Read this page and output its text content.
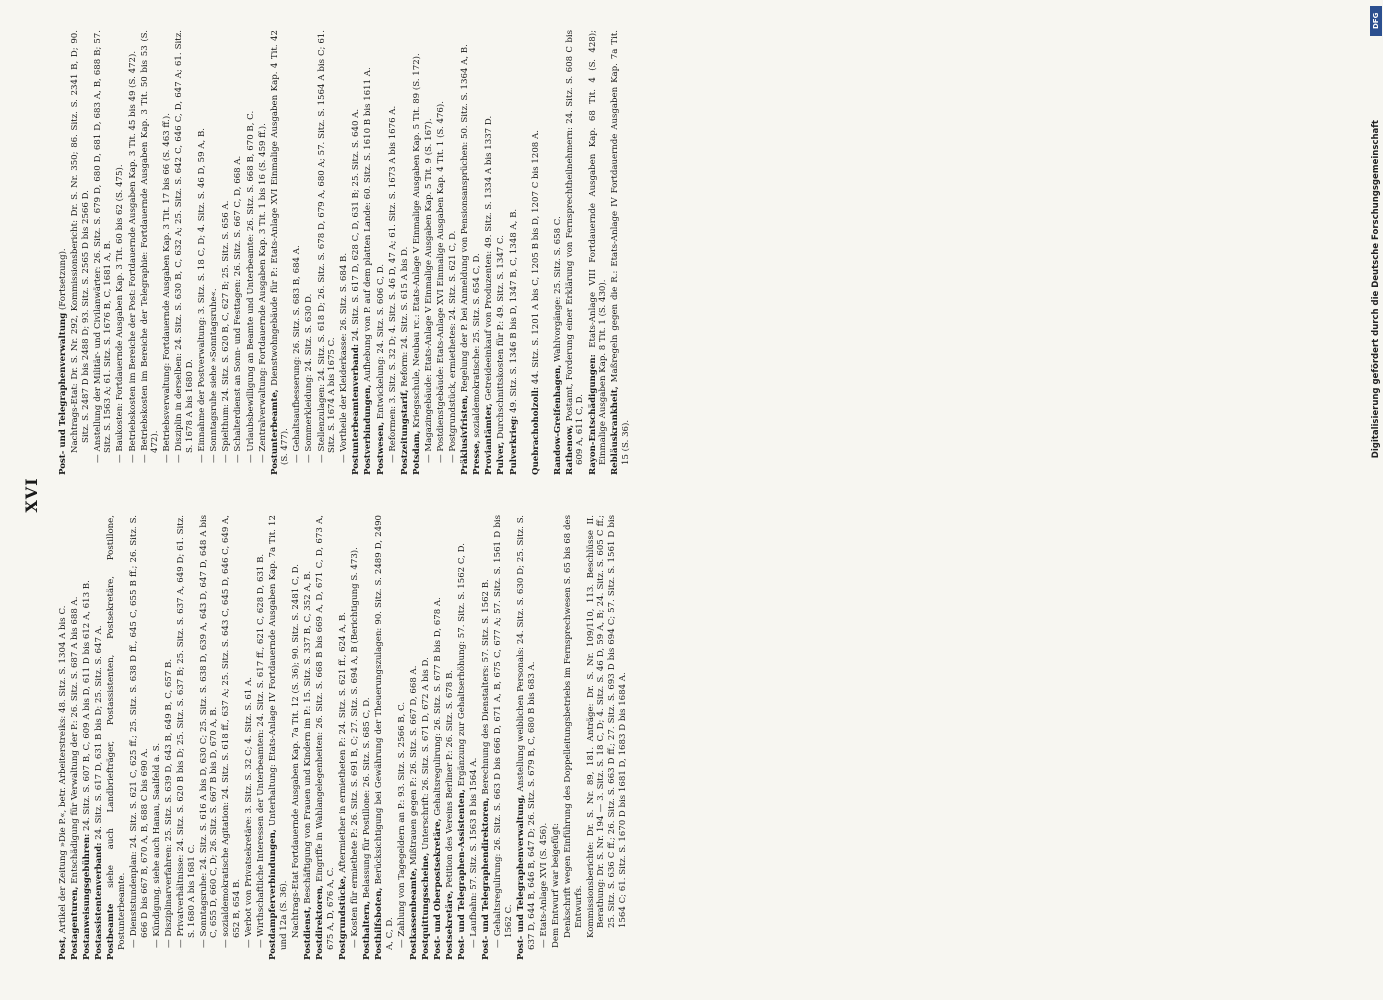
XVI
Post, Artikel der Zeitung »Die P.«, betr. Arbeiterstreiks: 48. Sitz. S. 1304 A bis C. Postagenturen, Entschädigung für Verwaltung der P.: 26. Sitz. S. 687 A bis 688 A.
Postanweisungsgebühren: 24. Sitz. S. 607 B, C, 609 A bis D, 611 D bis 612 A, 613 B.
Postassistentenverband: 24. Sitz. S. 617 D, 631 B bis D; 25. Sitz. S. 647 A.
Postbeamte siehe auch Landbriefträger, Postassistenten, Postsekretäre, Postillone, Postunterbeamte. — Dienststundenplan: 24. Sitz. S. 621 C, 625 ff.; 25. Sitz. S. 638 D ff., 645 C, 655 B ff.; 26. Sitz. S. 666 D bis 667 B, 670 A, B, 688 C bis 690 A. — Kündigung, siehe auch Hanau, Saalfeld a. S. — Disziplinarverfahren: 25. Sitz. S. 639 D, 643 B, 649 B, C, 657 B. — Privatverhältnisse: 24. Sitz. S. 620 B bis D; 25. Sitz. S. 637 B; 25. Sitz. S. 637 A, 649 D; 61. Sitz. S. 1680 A bis 1681 C. — Sonntagsruhe: 24. Sitz. S. 616 A bis D, 630 C; 25. Sitz. S. 638 D, 639 A, 643 D, 647 D, 648 A bis C, 655 D, 660 C, D; 26. Sitz. S. 667 B bis D, 670 A, B. — sozialdemokratische Agitation: 24. Sitz. S. 618 ff., 637 A; 25. Sitz. S. 643 C, 645 D, 646 C, 649 A, 652 B, 654 B. — Verbot von Privatsekretäre: 3. Sitz. S. 32 C; 4. Sitz. S. 61 A. — Wirthschaftliche Interessen der Unterbeamten: 24. Sitz. S. 617 ff., 621 C, 628 D, 631 B. Postdampferverbindungen, Unterhaltung: Etats-Anlage IV Fortdauernde Ausgaben Kap. 7a Tit. 12 und 12a (S. 36). Nachtrags-Etat Fortdauernde Ausgaben Kap. 7a Tit. 12 (S. 36); 90. Sitz. S. 2481 C, D. Postdienst, Beschäftigung von Frauen und Kindern im P.: 15. Sitz. S. 337 B, C, 352 A, B.
Postdirektoren, Eingriffe in Wahlangelegenheiten: 26. Sitz. S. 668 B bis 669 A, D, 671 C, D, 673 A, 675 A, D, 676 A, C. Postgrundstücke, Aftermiether in ermietheten P.: 24. Sitz. S. 621 ff., 624 A, B. — Kosten für ermiethete P.: 26. Sitz. S. 691 B, C; 27. Sitz. S. 694 A, B (Berichtigung S. 473). Posthaltern, Belassung für Postillone: 26. Sitz. S. 685 C, D.
Posthilfsboten, Berücksichtigung bei Gewährung der Theuerungszulagen: 90. Sitz. S. 2489 D, 2490 A, C, D. — Zahlung von Tagegeldern an P.: 93. Sitz. S. 2566 B, C. Postkassenbeamte, Mißtrauen gegen P.: 26. Sitz. S. 667 D, 668 A.
Postquittungsscheine, Unterschrift: 26. Sitz. S. 671 D, 672 A bis D.
Post- und Oberpostsekretäre, Gehaltsregulirung: 26. Sitz. S. 677 B bis D, 678 A.
Postsekretäre, Petition des Vereins Berliner P.: 26. Sitz. S. 678 B. Post- und Telegraphen-Assistenten, Ergänzung zur Gehaltserhöhung: 57. Sitz. S. 1562 C, D.
— Laufbahn: 57. Sitz. S. 1563 B bis 1564 A. Post- und Telegraphendirektoren, Berechnung des Dienstalters: 57. Sitz. S. 1562 B. — Gehaltsregulirung: 26. Sitz. S. 663 D bis 666 D, 671 A, B, 675 C, 677 A; 57. Sitz. S. 1561 D bis 1562 C. Post- und Telegraphenverwaltung, Anstellung weiblichen Personals: 24. Sitz. S. 630 D; 25. Sitz. S. 637 D, 644 B, 646 B, 647 D; 26. Sitz. S. 679 B, C, 680 B bis 683 A. — Etats-Anlage XVI (S. 456). Dem Entwurf war beigefügt: Denkschrift wegen Einführung des Doppelleitungsbetriebs im Fernsprechwesen S. 65 bis 68 des Entwurfs. Kommissionsberichte: Dr. S. Nr. 89, 181. Anträge: Dr. S. Nr. 109/110, 113. Beschlüsse II. Berathung: Dr. S. Nr. 194 — 3. Sitz. S. 18 C, D; 4. Sitz. S. 46 D, 59 A, B; 24. Sitz. S. 605 C ff.; 25. Sitz. S. 636 C ff.; 26. Sitz. S. 663 D ff.; 27. Sitz. S. 693 D bis 694 C; 57. Sitz. S. 1561 D bis 1564 C; 61. Sitz. S. 1670 D bis 1681 D, 1683 D bis 1684 A.
Post- und Telegraphenverwaltung (Fortsetzung). Nachtrags-Etat: Dr. S. Nr. 292, Kommissionsbericht: Dr. S. Nr. 350; 86. Sitz. S. 2341 B, D; 90. Sitz. S. 2487 D bis 2488 D; 93. Sitz. S. 2565 D bis 2566 D. — Anstellung der Militär- und Civilanwärter: 26. Sitz. S. 679 D, 680 D, 681 D, 683 A, B, 688 B; 57. Sitz. S. 1563 A; 61. Sitz. S. 1676 B, C, 1681 A, B. — Baukosten: Fortdauernde Ausgaben Kap. 3 Tit. 60 bis 62 (S. 475). — Betriebskosten im Bereiche der Post: Fortdauernde Ausgaben Kap. 3 Tit. 45 bis 49 (S. 472). — Betriebskosten im Bereiche der Telegraphie: Fortdauernde Ausgaben Kap. 3 Tit. 50 bis 53 (S. 472). — Betriebsverwaltung: Fortdauernde Ausgaben Kap. 3 Tit. 17 bis 66 (S. 463 ff.). — Disziplin in derselben: 24. Sitz. S. 630 B, C, 632 A; 25. Sitz. S. 642 C, 646 C, D, 647 A; 61. Sitz. S. 1678 A bis 1680 D. — Einnahme der Postverwaltung: 3. Sitz. S. 18 C, D; 4. Sitz. S. 46 D, 59 A, B. — Sonntagsruhe siehe »Sonntagsruhe«. — Spielthum: 24. Sitz. S. 620 B, C, 627 B; 25. Sitz. S. 656 A. — Schalterdienst an Sonn- und Festtagen: 26. Sitz. S. 667 C, D, 668 A. — Urlaubsbewilligung an Beamte und Unterbeamte: 26. Sitz. S. 668 B, 670 B, C. — Zentralverwaltung: Fortdauernde Ausgaben Kap. 3 Tit. 1 bis 16 (S. 459 ff.). Postunterbeamte, Dienstwohngebäude für P.: Etats-Anlage XVI Einmalige Ausgaben Kap. 4 Tit. 42 (S. 477). — Gehaltsaufbesserung: 26. Sitz. S. 683 B, 684 A. — Sommerkleidung: 24. Sitz. S. 630 D. — Stellenzulagen: 24. Sitz. S. 618 D; 26. Sitz. S. 678 D, 679 A, 680 A; 57. Sitz. S. 1564 A bis C; 61. Sitz. S. 1674 A bis 1675 C. — Vortheile der Kleiderkasse: 26. Sitz. S. 684 B. Postunterbeamtenverband: 24. Sitz. S. 617 D, 628 C, D, 631 B; 25. Sitz. S. 640 A.
Postverbindungen, Aufhebung von P. auf dem platten Lande: 60. Sitz. S. 1610 B bis 1611 A.
Postwesen, Entwickelung: 24. Sitz. S. 606 C, D. — Reformen: 3. Sitz. S. 32 D; 4. Sitz. S. 46 D, 47 A; 61. Sitz. S. 1673 A bis 1676 A. Postzeitungstarif, Reform: 24. Sitz. S. 615 A bis D.
Potsdam, Kriegsschule, Neubau rc.: Etats-Anlage V Einmalige Ausgaben Kap. 5 Tit. 89 (S. 172). — Magazingebäude: Etats-Anlage V Einmalige Ausgaben Kap. 5 Tit. 9 (S. 167). — Postdienstgebäude: Etats-Anlage XVI Einmalige Ausgaben Kap. 4 Tit. 1 (S. 476). — Postgrundstück, ermiethetes: 24. Sitz. S. 621 C, D. Präklusivfristen, Regelung der P. bei Anmeldung von Pensionsansprüchen: 50. Sitz. S. 1364 A, B.
Presse, sozialdemokratische: 25. Sitz. S. 654 C, D.
Proviantämter, Getreideeinkauf von Produzenten: 49. Sitz. S. 1334 A bis 1337 D.
Pulver, Durchschnittskosten für P.: 49. Sitz. S. 1347 C.
Pulverkrieg: 49. Sitz. S. 1346 B bis D, 1347 B, C, 1348 A, B.
Quebrachoholzoll: 44. Sitz. S. 1201 A bis C, 1205 B bis D, 1207 C bis 1208 A.
Randow-Greifenhagen, Wahlvorgänge: 25. Sitz. S. 658 C.
Rathenow, Postamt, Forderung einer Erklärung von Fernsprechtheilnehmern: 24. Sitz. S. 608 C bis 609 A, 611 C, D. Rayon-Entschädigungen: Etats-Anlage VIII Fortdauernde Ausgaben Kap. 68 Tit. 4 (S. 428); Einmalige Ausgaben Kap. 8 Tit. 1 (S. 430). Rebläuskrankheit, Maßregeln gegen die R.: Etats-Anlage IV Fortdauernde Ausgaben Kap. 7a Tit. 15 (S. 36).
DFG
Digitalisierung gefördert durch die Deutsche Forschungsgemeinschaft
